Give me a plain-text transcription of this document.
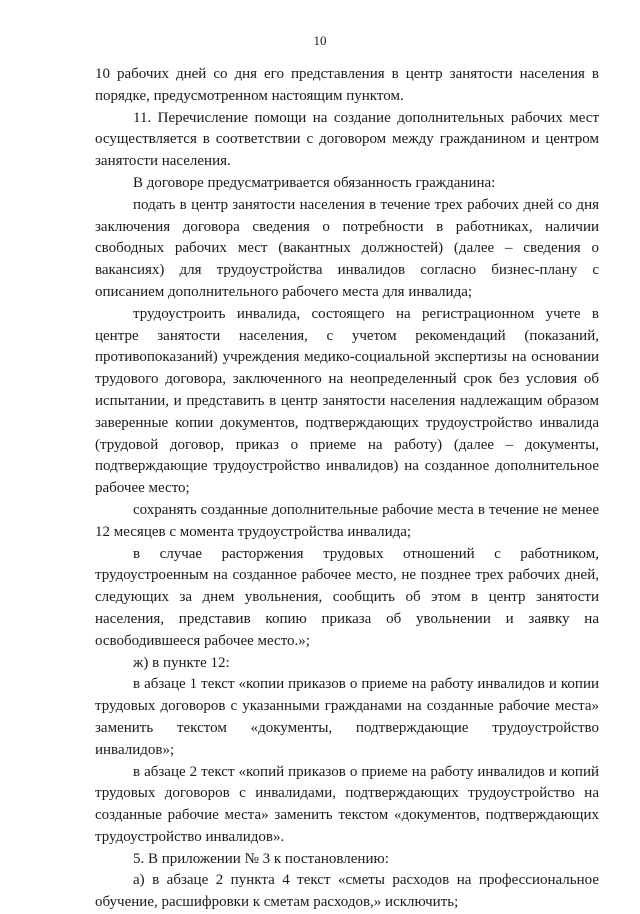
10

10 рабочих дней со дня его представления в центр занятости населения в порядке, предусмотренном настоящим пунктом.

11. Перечисление помощи на создание дополнительных рабочих мест осуществляется в соответствии с договором между гражданином и центром занятости населения.

В договоре предусматривается обязанность гражданина:

подать в центр занятости населения в течение трех рабочих дней со дня заключения договора сведения о потребности в работниках, наличии свободных рабочих мест (вакантных должностей) (далее – сведения о вакансиях) для трудоустройства инвалидов согласно бизнес-плану с описанием дополнительного рабочего места для инвалида;

трудоустроить инвалида, состоящего на регистрационном учете в центре занятости населения, с учетом рекомендаций (показаний, противопоказаний) учреждения медико-социальной экспертизы на основании трудового договора, заключенного на неопределенный срок без условия об испытании, и представить в центр занятости населения надлежащим образом заверенные копии документов, подтверждающих трудоустройство инвалида (трудовой договор, приказ о приеме на работу) (далее – документы, подтверждающие трудоустройство инвалидов) на созданное дополнительное рабочее место;

сохранять созданные дополнительные рабочие места в течение не менее 12 месяцев с момента трудоустройства инвалида;

в случае расторжения трудовых отношений с работником, трудоустроенным на созданное рабочее место, не позднее трех рабочих дней, следующих за днем увольнения, сообщить об этом в центр занятости населения, представив копию приказа об увольнении и заявку на освободившееся рабочее место.»;

ж) в пункте 12:

в абзаце 1 текст «копии приказов о приеме на работу инвалидов и копии трудовых договоров с указанными гражданами на созданные рабочие места» заменить текстом «документы, подтверждающие трудоустройство инвалидов»;

в абзаце 2 текст «копий приказов о приеме на работу инвалидов и копий трудовых договоров с инвалидами, подтверждающих трудоустройство на созданные рабочие места» заменить текстом «документов, подтверждающих трудоустройство инвалидов».

5. В приложении № 3 к постановлению:

а) в абзаце 2 пункта 4 текст «сметы расходов на профессиональное обучение, расшифровки к сметам расходов,» исключить;
